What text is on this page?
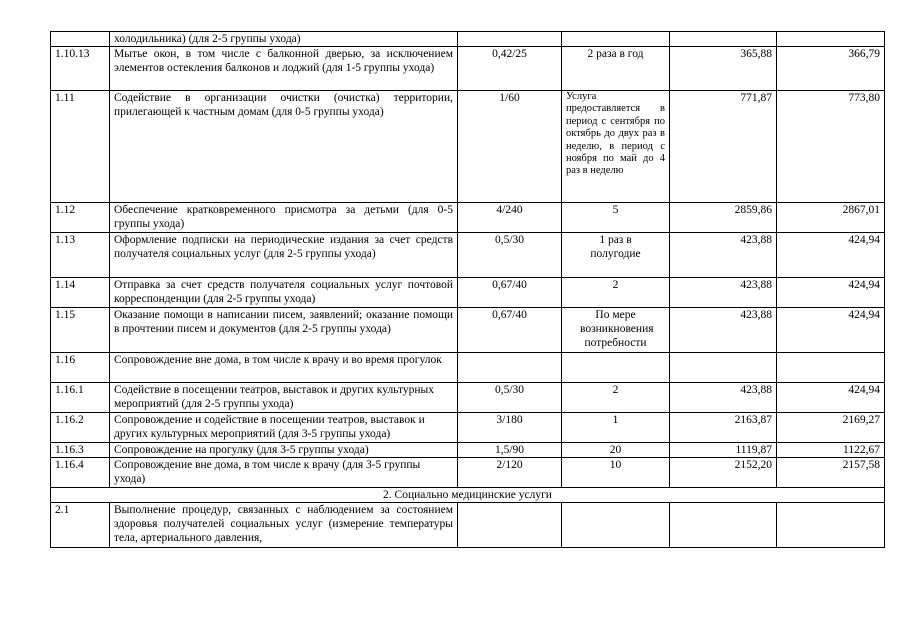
	холодильника) (для 2-5 группы ухода)				
1.10.13	Мытье окон, в том числе с балконной дверью, за исключением элементов остекления балконов и лоджий (для 1-5 группы ухода)	0,42/25	2 раза в год	365,88	366,79
1.11	Содействие в организации очистки (очистка) территории, прилегающей к частным домам (для 0-5 группы ухода)	1/60	Услуга предоставляется в период с сентября по октябрь до двух раз в неделю, в период с ноября по май до 4 раз в неделю	771,87	773,80
1.12	Обеспечение кратковременного присмотра за детьми (для 0-5 группы ухода)	4/240	5	2859,86	2867,01
1.13	Оформление подписки на периодические издания за счет средств получателя социальных услуг (для 2-5 группы ухода)	0,5/30	1 раз в полугодие	423,88	424,94
1.14	Отправка за счет средств получателя социальных услуг почтовой корреспонденции (для 2-5 группы ухода)	0,67/40	2	423,88	424,94
1.15	Оказание помощи в написании писем, заявлений; оказание помощи в прочтении писем и документов (для 2-5 группы ухода)	0,67/40	По мере возникновения потребности	423,88	424,94
1.16	Сопровождение вне дома, в том числе к врачу и во время прогулок				
1.16.1	Содействие в посещении театров, выставок и других культурных мероприятий (для 2-5 группы ухода)	0,5/30	2	423,88	424,94
1.16.2	Сопровождение и содействие в посещении театров, выставок и других культурных мероприятий (для 3-5 группы ухода)	3/180	1	2163,87	2169,27
1.16.3	Сопровождение на прогулку (для 3-5 группы ухода)	1,5/90	20	1119,87	1122,67
1.16.4	Сопровождение вне дома, в том числе к врачу (для 3-5 группы ухода)	2/120	10	2152,20	2157,58
2. Социально медицинские услуги					
2.1	Выполнение процедур, связанных с наблюдением за состоянием здоровья получателей социальных услуг (измерение температуры тела, артериального давления,				
